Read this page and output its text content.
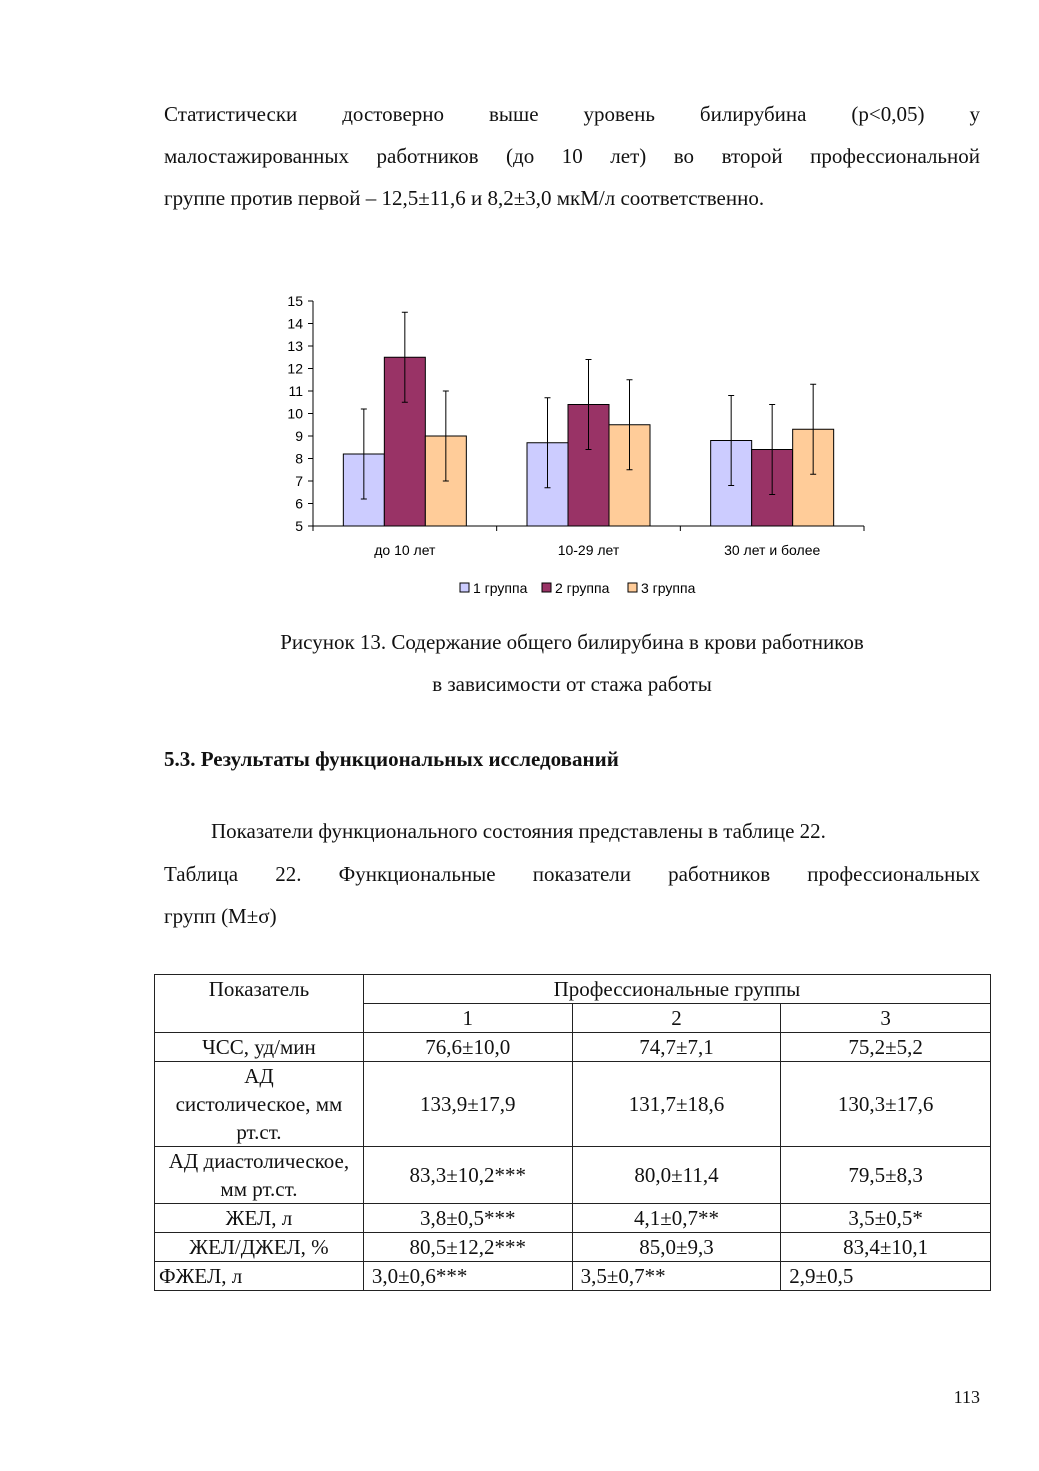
Статистически достоверно выше уровень билирубина (p<0,05) у
малостажированных работников (до 10 лет) во второй профессиональной
группе против первой – 12,5±11,6 и 8,2±3,0 мкМ/л соответственно.
5
6
7
8
9
10
11
12
13
14
15
до 10 лет	10-29 лет	30 лет и более
1 группа 2 группа 3 группа
Рисунок 13. Содержание общего билирубина в крови работников
в зависимости от стажа работы
5.3. Результаты функциональных исследований
Показатели функционального состояния представлены в таблице 22.
Таблица 22. Функциональные показатели работников профессиональных
групп (M±σ)
Показатель	Профессиональные группы		
	1	2	3
ЧСС, уд/мин	76,6±10,0	74,7±7,1	75,2±5,2
АД систолическое, мм рт.ст.	133,9±17,9	131,7±18,6	130,3±17,6
АД диастолическое, мм рт.ст.	83,3±10,2***	80,0±11,4	79,5±8,3
ЖЕЛ, л	3,8±0,5***	4,1±0,7**	3,5±0,5*
ЖЕЛ/ДЖЕЛ, %	80,5±12,2***	85,0±9,3	83,4±10,1
ФЖЕЛ, л	3,0±0,6***	3,5±0,7**	2,9±0,5
113
